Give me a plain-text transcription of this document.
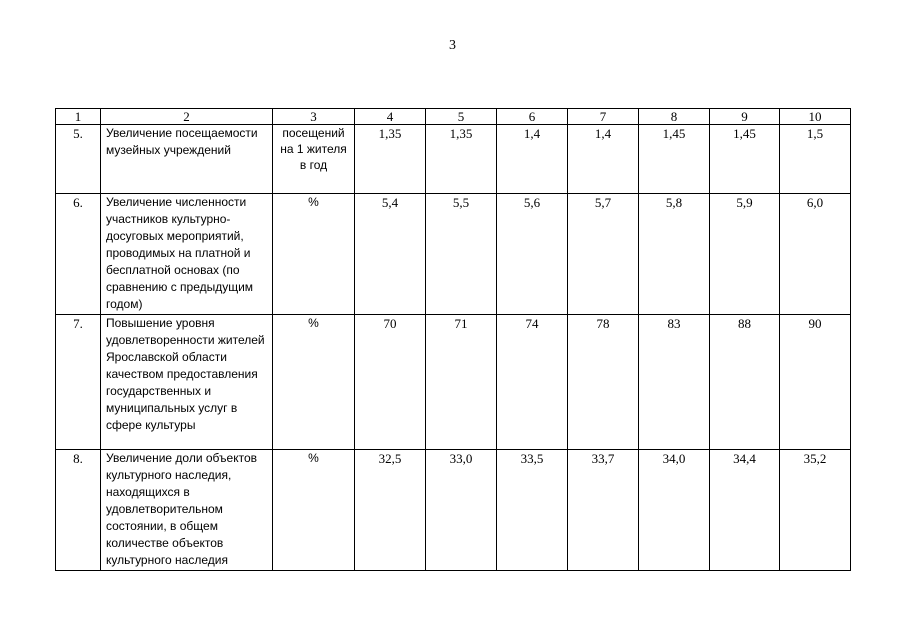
3
1	2	3	4	5	6	7	8	9	10
5.	Увеличение посещаемости музейных учреждений	посещений на 1 жителя в год	1,35	1,35	1,4	1,4	1,45	1,45	1,5
6.	Увеличение численности участников культурно-досуговых мероприятий, проводимых на платной и бесплатной основах (по сравнению с предыдущим годом)	%	5,4	5,5	5,6	5,7	5,8	5,9	6,0
7.	Повышение уровня удовлетворенности жителей Ярославской области качеством предоставления государственных и муниципальных услуг в сфере культуры	%	70	71	74	78	83	88	90
8.	Увеличение доли объектов культурного наследия, находящихся в удовлетворительном состоянии, в общем количестве объектов культурного наследия	%	32,5	33,0	33,5	33,7	34,0	34,4	35,2
